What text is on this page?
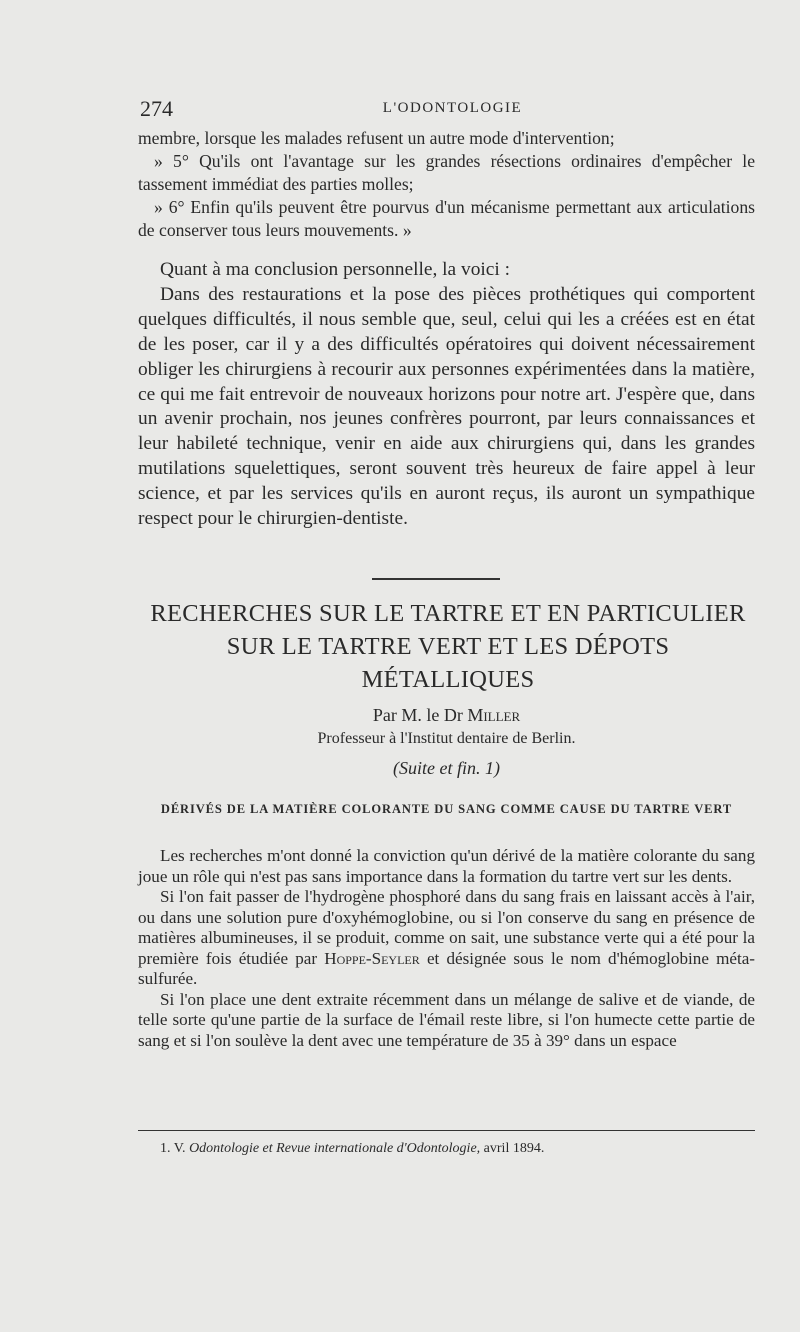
274	L'ODONTOLOGIE

membre, lorsque les malades refusent un autre mode d'intervention;

» 5° Qu'ils ont l'avantage sur les grandes résections ordinaires d'empêcher le tassement immédiat des parties molles;

» 6° Enfin qu'ils peuvent être pourvus d'un mécanisme permettant aux articulations de conserver tous leurs mouvements. »

Quant à ma conclusion personnelle, la voici :

Dans des restaurations et la pose des pièces prothétiques qui comportent quelques difficultés, il nous semble que, seul, celui qui les a créées est en état de les poser, car il y a des difficultés opératoires qui doivent nécessairement obliger les chirurgiens à recourir aux personnes expérimentées dans la matière, ce qui me fait entrevoir de nouveaux horizons pour notre art. J'espère que, dans un avenir prochain, nos jeunes confrères pourront, par leurs connaissances et leur habileté technique, venir en aide aux chirurgiens qui, dans les grandes mutilations squelettiques, seront souvent très heureux de faire appel à leur science, et par les services qu'ils en auront reçus, ils auront un sympathique respect pour le chirurgien-dentiste.

RECHERCHES SUR LE TARTRE ET EN PARTICULIER
SUR LE TARTRE VERT ET LES DÉPOTS
MÉTALLIQUES
Par M. le Dr Miller
Professeur à l'Institut dentaire de Berlin.
(Suite et fin. 1)
DÉRIVÉS DE LA MATIÈRE COLORANTE DU SANG COMME CAUSE DU TARTRE VERT

Les recherches m'ont donné la conviction qu'un dérivé de la matière colorante du sang joue un rôle qui n'est pas sans importance dans la formation du tartre vert sur les dents.

Si l'on fait passer de l'hydrogène phosphoré dans du sang frais en laissant accès à l'air, ou dans une solution pure d'oxyhémoglobine, ou si l'on conserve du sang en présence de matières albumineuses, il se produit, comme on sait, une substance verte qui a été pour la première fois étudiée par Hoppe-Seyler et désignée sous le nom d'hémoglobine méta-sulfurée.

Si l'on place une dent extraite récemment dans un mélange de salive et de viande, de telle sorte qu'une partie de la surface de l'émail reste libre, si l'on humecte cette partie de sang et si l'on soulève la dent avec une température de 35 à 39° dans un espace

1. V. Odontologie et Revue internationale d'Odontologie, avril 1894.
